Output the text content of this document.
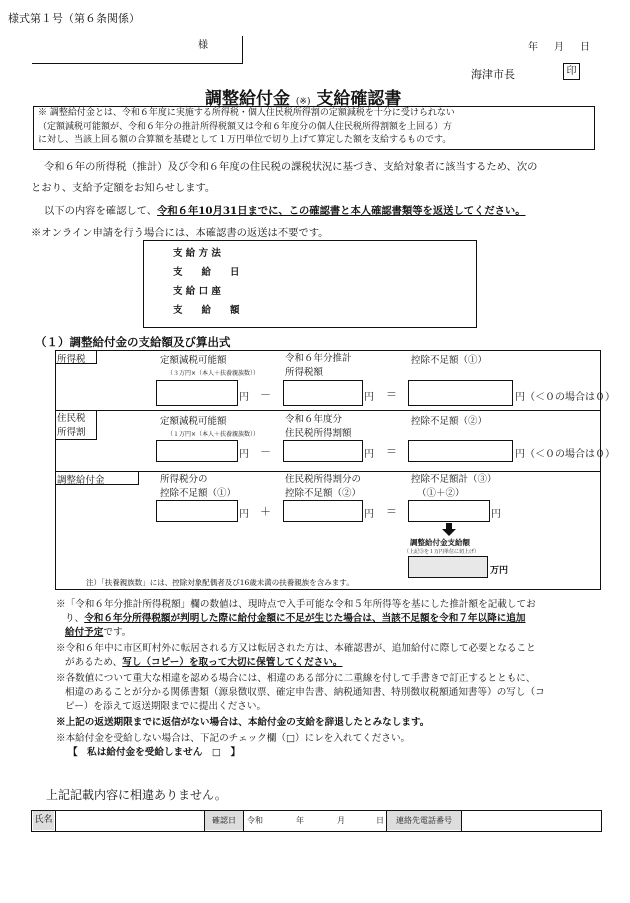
様式第１号（第６条関係）
様	年　月　日
海津市長	印
調整給付金 (※) 支給確認書
※ 調整給付金とは、令和６年度に実施する所得税・個人住民税所得割の定額減税を十分に受けられない
（定額減税可能額が、令和６年分の推計所得税額又は令和６年度分の個人住民税所得割額を上回る）方
に対し、当該上回る額の合算額を基礎として１万円単位で切り上げて算定した額を支給するものです。
令和６年の所得税（推計）及び令和６年度の住民税の課税状況に基づき、支給対象者に該当するため、次の
とおり、支給予定額をお知らせします。
以下の内容を確認して、令和６年10月31日までに、この確認書と本人確認書類等を返送してください。
※オンライン申請を行う場合には、本確認書の返送は不要です。
支 給 方 法
支　　給　　日
支 給 口 座
支　　給　　額
（１）調整給付金の支給額及び算出式
所得税	定額減税可能額
（３万円×（本人＋扶養親族数））
令和６年分推計
所得税額
控除不足額（①）
円 －	円 ＝	円（＜０の場合は０）
住民税
所得割
定額減税可能額
（１万円×（本人＋扶養親族数））
令和６年度分
住民税所得割額
控除不足額（②）
円 －	円 ＝	円（＜０の場合は０）
調整給付金	所得税分の
控除不足額（①）
住民税所得割分の
控除不足額（②）
控除不足額計（③）
（①＋②）
円 ＋	円 ＝	円
調整給付金支給額
（上記③を１万円単位に切上げ）
万円
注）「扶養親族数」には、控除対象配偶者及び16歳未満の扶養親族を含みます。

※「令和６年分推計所得税額」欄の数値は、現時点で入手可能な令和５年所得等を基にした推計額を記載してお

り、令和６年分所得税額が判明した際に給付金額に不足が生じた場合は、当該不足額を令和７年以降に追加

給付予定です。

※令和６年中に市区町村外に転居される方又は転居された方は、本確認書が、追加給付に際して必要となること

があるため、写し（コピー）を取って大切に保管してください。

※各数値について重大な相違を認める場合には、相違のある部分に二重線を付して手書きで訂正するとともに、

相違のあることが分かる関係書類（源泉徴収票、確定申告書、納税通知書、特別徴収税額通知書等）の写し（コ

ピー）を添えて返送期限までに提出ください。

※上記の返送期限までに返信がない場合は、本給付金の支給を辞退したとみなします。

※本給付金を受給しない場合は、下記のチェック欄（□）にレを入れてください。

【　私は給付金を受給しません　□　】

上記記載内容に相違ありません。
氏名	確認日	令和	年	月	日	連絡先電話番号
